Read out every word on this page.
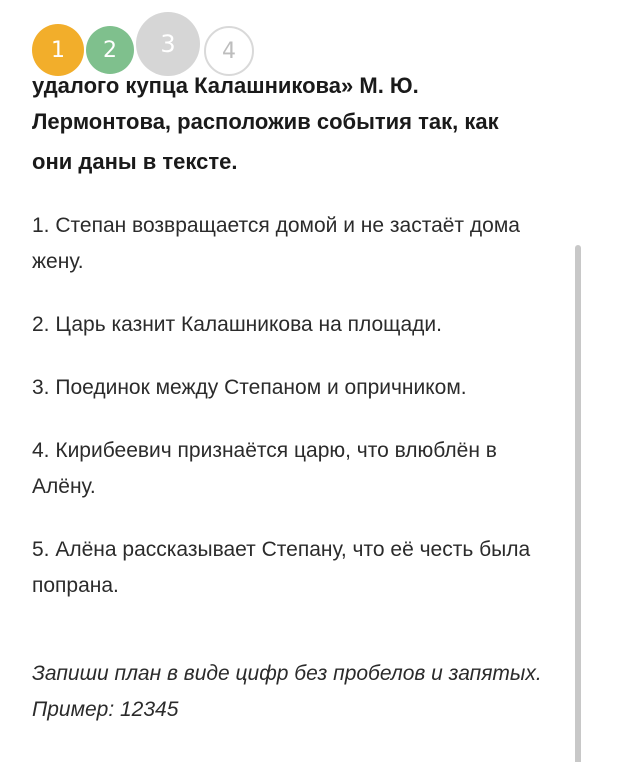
1	2	3	4
удалого купца Калашникова» М. Ю.
Лермонтова, расположив события так, как
они даны в тексте.
1. Степан возвращается домой и не застаёт дома жену.
2. Царь казнит Калашникова на площади.
3. Поединок между Степаном и опричником.
4. Кирибеевич признаётся царю, что влюблён в Алёну.
5. Алёна рассказывает Степану, что её честь была попрана.

Запиши план в виде цифр без пробелов и запятых. Пример: 12345
